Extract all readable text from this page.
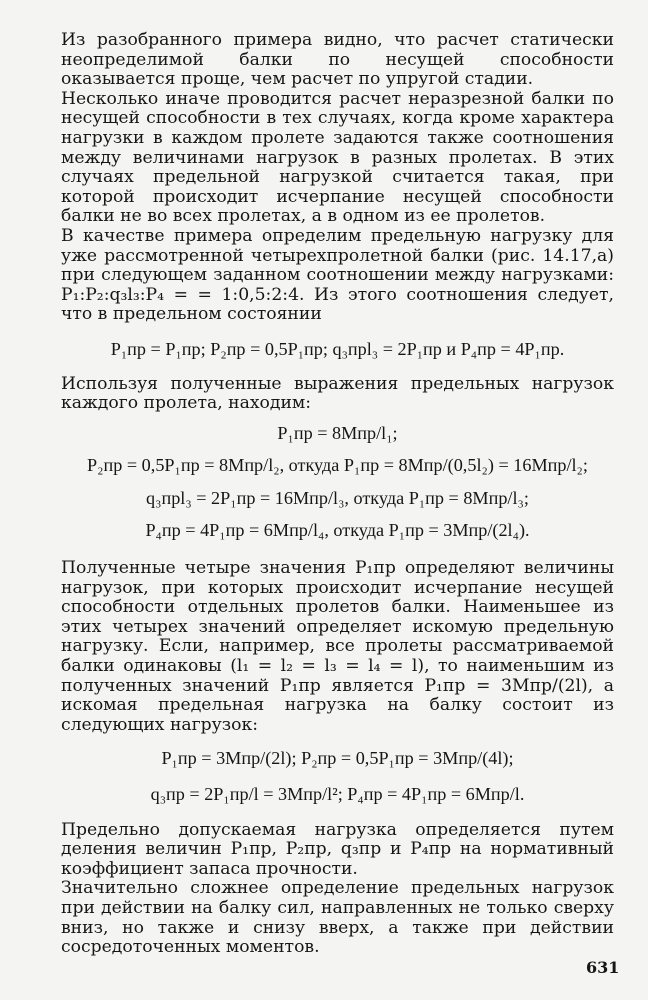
Из разобранного примера видно, что расчет статически неопределимой балки по несущей способности оказывается проще, чем расчет по упругой стадии.

Несколько иначе проводится расчет неразрезной балки по несущей способности в тех случаях, когда кроме характера нагрузки в каждом пролете задаются также соотношения между величинами нагрузок в разных пролетах. В этих случаях предельной нагрузкой считается такая, при которой происходит исчерпание несущей способности балки не во всех пролетах, а в одном из ее пролетов.

В качестве примера определим предельную нагрузку для уже рассмотренной четырехпролетной балки (рис. 14.17,а) при следующем заданном соотношении между нагрузками: P₁:P₂:q₃l₃:P₄ = = 1:0,5:2:4. Из этого соотношения следует, что в предельном состоянии

P₁пр = P₁пр; P₂пр = 0,5P₁пр; q₃прl₃ = 2P₁пр и P₄пр = 4P₁пр.

Используя полученные выражения предельных нагрузок каждого пролета, находим:

P₁пр = 8Mпр/l₁;

P₂пр = 0,5P₁пр = 8Mпр/l₂, откуда P₁пр = 8Mпр/(0,5l₂) = 16Mпр/l₂;

q₃прl₃ = 2P₁пр = 16Mпр/l₃, откуда P₁пр = 8Mпр/l₃;

P₄пр = 4P₁пр = 6Mпр/l₄, откуда P₁пр = 3Mпр/(2l₄).

Полученные четыре значения P₁пр определяют величины нагрузок, при которых происходит исчерпание несущей способности отдельных пролетов балки. Наименьшее из этих четырех значений определяет искомую предельную нагрузку. Если, например, все пролеты рассматриваемой балки одинаковы (l₁ = l₂ = l₃ = l₄ = l), то наименьшим из полученных значений P₁пр является P₁пр = 3Mпр/(2l), а искомая предельная нагрузка на балку состоит из следующих нагрузок:

P₁пр = 3Mпр/(2l); P₂пр = 0,5P₁пр = 3Mпр/(4l);

q₃пр = 2P₁пр/l = 3Mпр/l²; P₄пр = 4P₁пр = 6Mпр/l.

Предельно допускаемая нагрузка определяется путем деления величин P₁пр, P₂пр, q₃пр и P₄пр на нормативный коэффициент запаса прочности.

Значительно сложнее определение предельных нагрузок при действии на балку сил, направленных не только сверху вниз, но также и снизу вверх, а также при действии сосредоточенных моментов.

631
